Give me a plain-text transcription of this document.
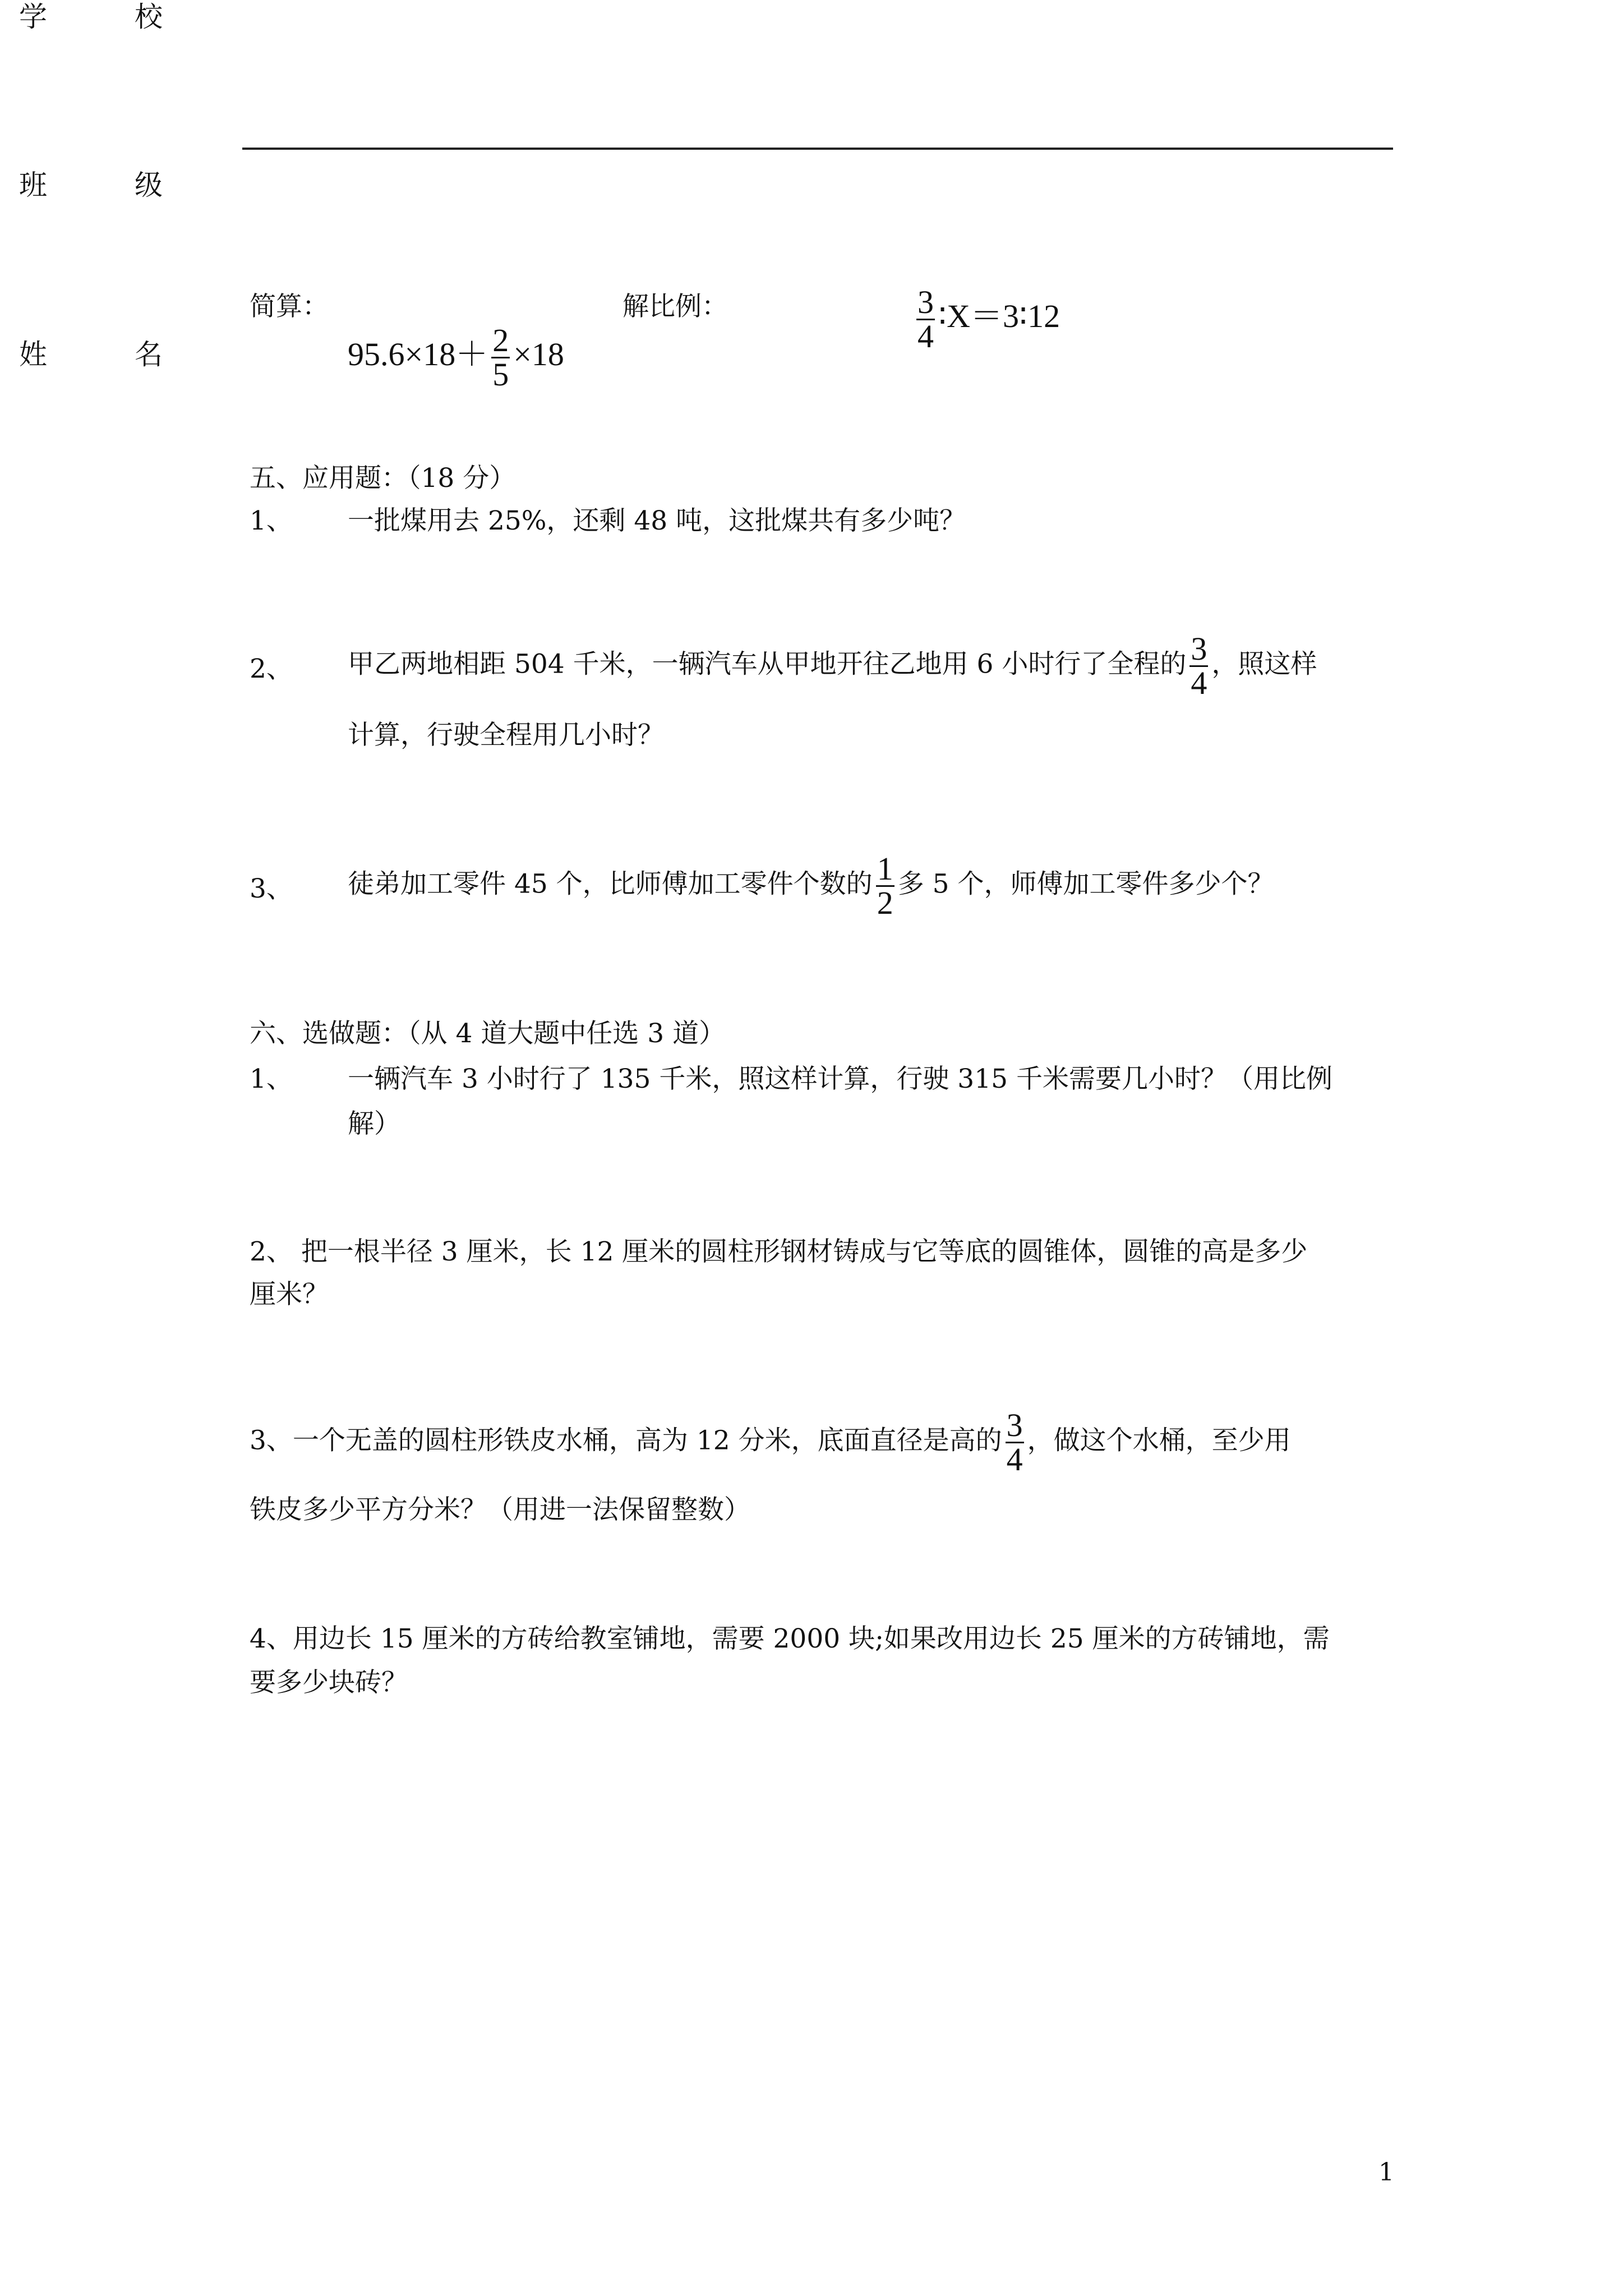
学	校
班	级
姓	名
简算：
$95.6\times 18+ \frac{2}{5} \times 18$
解比例：	$\frac{3}{4}$ ∶X＝3∶12
五、应用题：（18 分）
1、 一批煤用去 25%，还剩 48 吨，这批煤共有多少吨？
2、 甲乙两地相距 504 千米，一辆汽车从甲地开往乙地用 6 小时行了全程的 $\frac{3}{4}$ ，照这样
计算，行驶全程用几小时？
3、 徒弟加工零件 45 个，比师傅加工零件个数的 $\frac{1}{2}$ 多 5 个，师傅加工零件多少个？
六、选做题：（从 4 道大题中任选 3 道）
1、 一辆汽车 3 小时行了 135 千米，照这样计算，行驶 315 千米需要几小时？（用比例
解）
2、 把一根半径 3 厘米，长 12 厘米的圆柱形钢材铸成与它等底的圆锥体，圆锥的高是多少
厘米？
3、一个无盖的圆柱形铁皮水桶，高为 12 分米，底面直径是高的 $\frac{3}{4}$ ，做这个水桶，至少用
铁皮多少平方分米？（用进一法保留整数）
4、用边长 15 厘米的方砖给教室铺地，需要 2000 块;如果改用边长 25 厘米的方砖铺地，需
要多少块砖？
1
